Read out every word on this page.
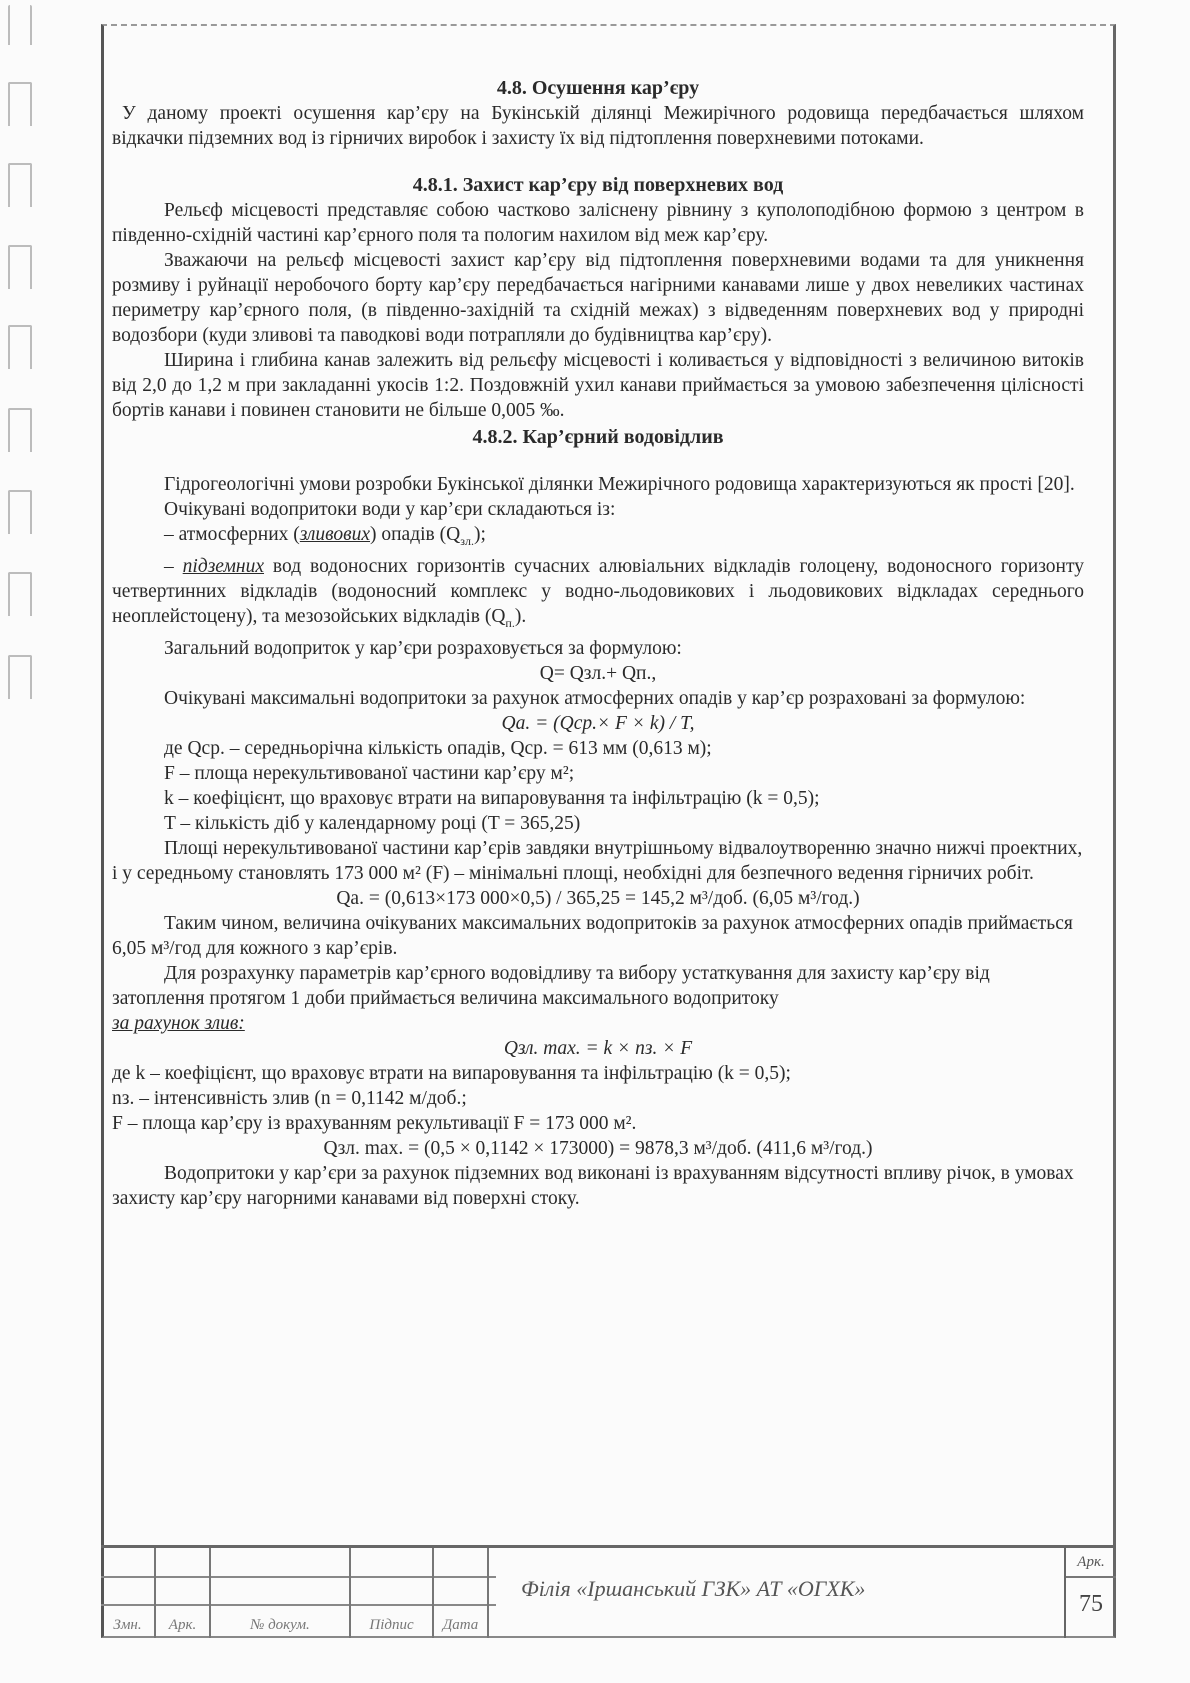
4.8. Осушення кар’єру

У даному проекті осушення кар’єру на Букінській ділянці Межирічного родовища передбачається шляхом відкачки підземних вод із гірничих виробок і захисту їх від підтоплення поверхневими потоками.

4.8.1. Захист кар’єру від поверхневих вод

Рельєф місцевості представляє собою частково заліснену рівнину з куполоподібною формою з центром в південно-східній частині кар’єрного поля та пологим нахилом від меж кар’єру.

Зважаючи на рельєф місцевості захист кар’єру від підтоплення поверхневими водами та для уникнення розмиву і руйнації неробочого борту кар’єру передбачається нагірними канавами лише у двох невеликих частинах периметру кар’єрного поля, (в південно-західній та східній межах) з відведенням поверхневих вод у природні водозбори (куди зливові та паводкові води потрапляли до будівництва кар’єру).

Ширина і глибина канав залежить від рельєфу місцевості і коливається у відповідності з величиною витоків від 2,0 до 1,2 м при закладанні укосів 1:2. Поздовжній ухил канави приймається за умовою забезпечення цілісності бортів канави і повинен становити не більше 0,005 ‰.

4.8.2. Кар’єрний водовідлив

Гідрогеологічні умови розробки Букінської ділянки Межирічного родовища характеризуються як прості [20].

Очікувані водопритоки води у кар’єри складаються із:

– атмосферних (зливових) опадів $(Q_{зл.})$;

– підземних вод водоносних горизонтів сучасних алювіальних відкладів голоцену, водоносного горизонту четвертинних відкладів (водоносний комплекс у водно-льодовикових і льодовикових відкладах середнього неоплейстоцену), та мезозойських відкладів $(Q_{п.})$.

Загальний водоприток у кар’єри розраховується за формулою:

Q= Qзл.+ Qп.,

Очікувані максимальні водопритоки за рахунок атмосферних опадів у кар’єр розраховані за формулою:

Qa. = (Qср.× F × k) / T,

де Qср. – середньорічна кількість опадів, Qср. = 613 мм (0,613 м);

F – площа нерекультивованої частини кар’єру м²;

k – коефіцієнт, що враховує втрати на випаровування та інфільтрацію (k = 0,5);

T – кількість діб у календарному році (T = 365,25)

Площі нерекультивованої частини кар’єрів завдяки внутрішньому відвалоутворенню значно нижчі проектних, і у середньому становлять 173 000 м² (F) – мінімальні площі, необхідні для безпечного ведення гірничих робіт.

Qa. = (0,613×173 000×0,5) / 365,25 = 145,2 м³/доб. (6,05 м³/год.)

Таким чином, величина очікуваних максимальних водопритоків за рахунок атмосферних опадів приймається 6,05 м³/год для кожного з кар’єрів.

Для розрахунку параметрів кар’єрного водовідливу та вибору устаткування для захисту кар’єру від затоплення протягом 1 доби приймається величина максимального водопритоку
за рахунок злив:

Qзл. max. = k × nз. × F

де k – коефіцієнт, що враховує втрати на випаровування та інфільтрацію (k = 0,5);

nз. – інтенсивність злив (n = 0,1142 м/доб.;

F – площа кар’єру із врахуванням рекультивації F = 173 000 м².

Qзл. max. = (0,5 × 0,1142 × 173000) = 9878,3 м³/доб. (411,6 м³/год.)

Водопритоки у кар’єри за рахунок підземних вод виконані із врахуванням відсутності впливу річок, в умовах захисту кар’єру нагорними канавами від поверхні стоку.

Змн.	Арк.	№ докум.	Підпис	Дата
Філія «Іршанський ГЗК» АТ «ОГХК»
Арк.
75
